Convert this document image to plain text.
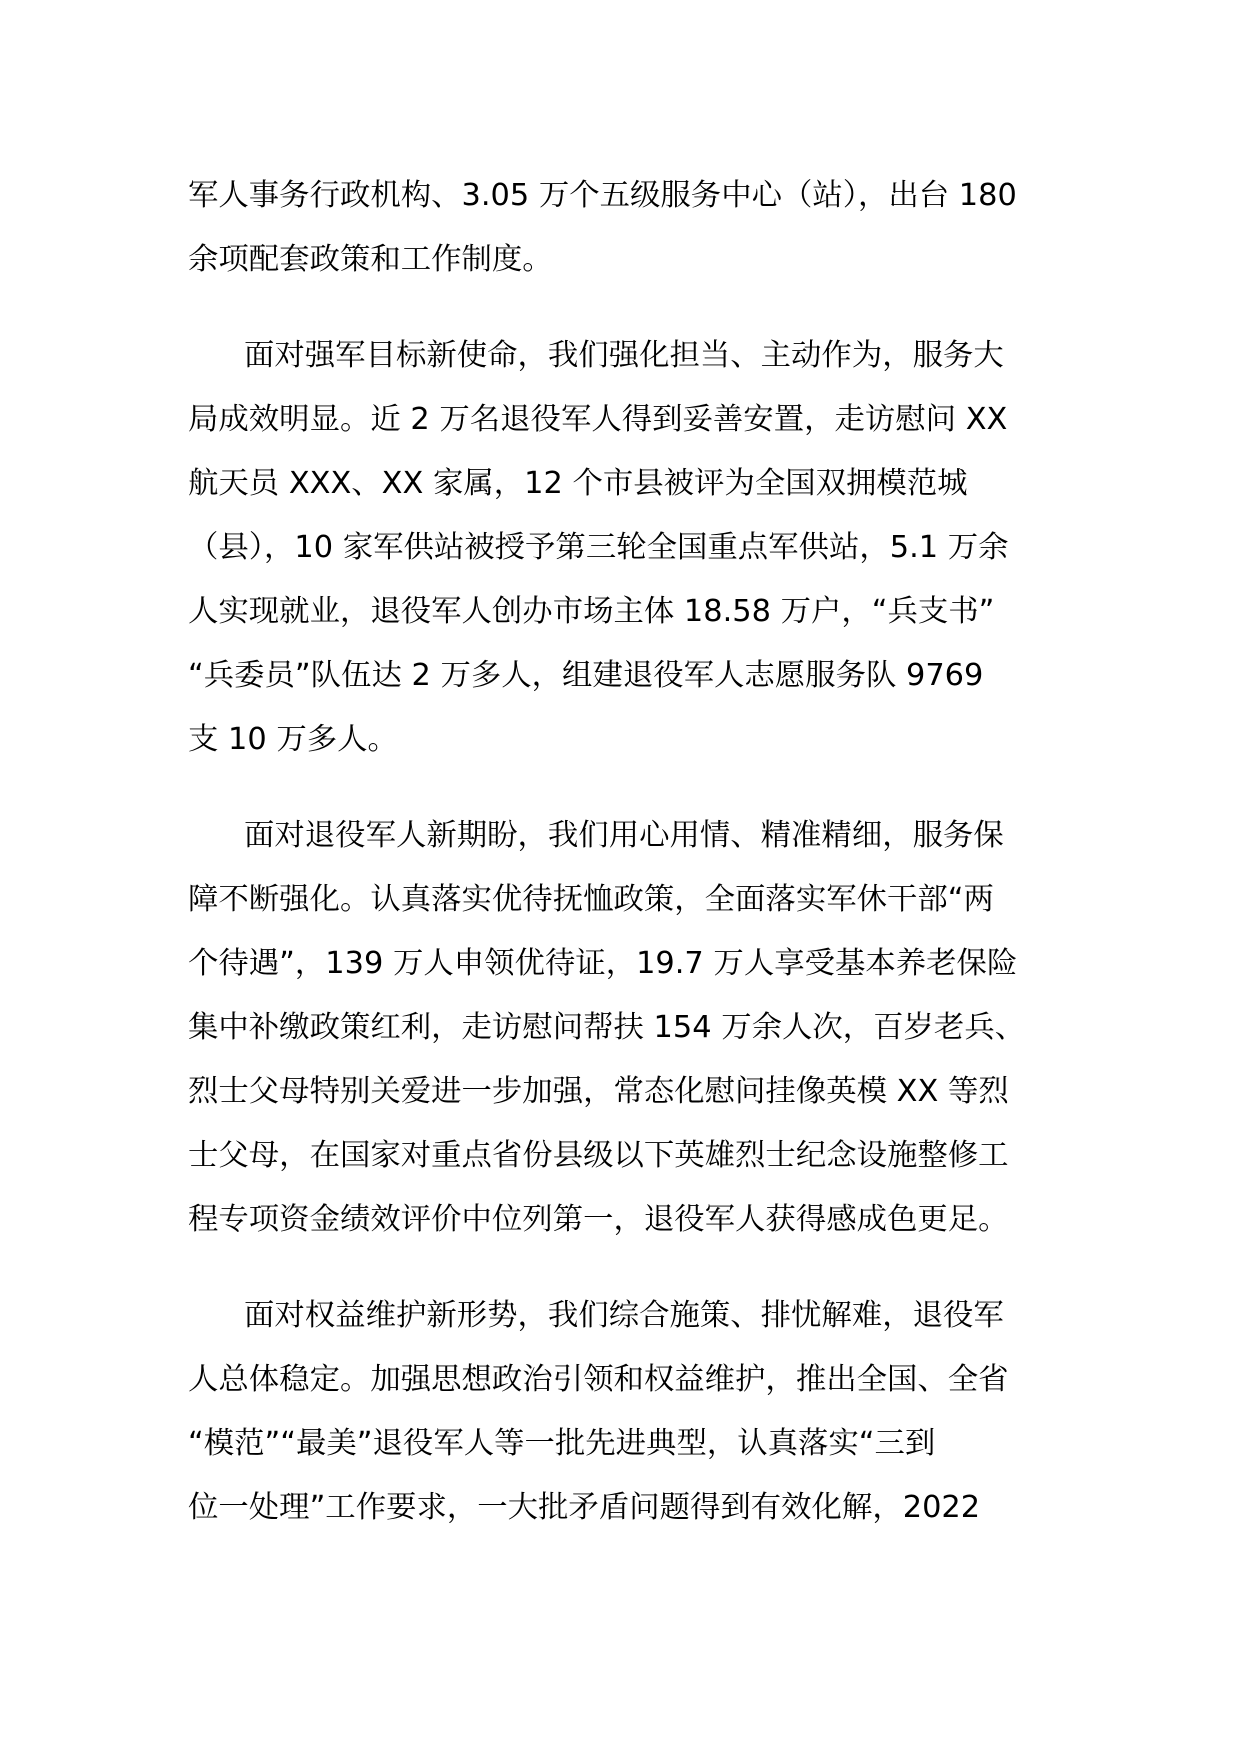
军人事务行政机构、3.05 万个五级服务中心（站），出台 180
余项配套政策和工作制度。

面对强军目标新使命，我们强化担当、主动作为，服务大
局成效明显。近 2 万名退役军人得到妥善安置，走访慰问 XX
航天员 XXX、XX 家属，12 个市县被评为全国双拥模范城
（县），10 家军供站被授予第三轮全国重点军供站，5.1 万余
人实现就业，退役军人创办市场主体 18.58 万户，“兵支书”
“兵委员”队伍达 2 万多人，组建退役军人志愿服务队 9769
支 10 万多人。

面对退役军人新期盼，我们用心用情、精准精细，服务保
障不断强化。认真落实优待抚恤政策，全面落实军休干部“两
个待遇”，139 万人申领优待证，19.7 万人享受基本养老保险
集中补缴政策红利，走访慰问帮扶 154 万余人次，百岁老兵、
烈士父母特别关爱进一步加强，常态化慰问挂像英模 XX 等烈
士父母，在国家对重点省份县级以下英雄烈士纪念设施整修工
程专项资金绩效评价中位列第一，退役军人获得感成色更足。

面对权益维护新形势，我们综合施策、排忧解难，退役军
人总体稳定。加强思想政治引领和权益维护，推出全国、全省
“模范”“最美”退役军人等一批先进典型，认真落实“三到
位一处理”工作要求，一大批矛盾问题得到有效化解，2022
